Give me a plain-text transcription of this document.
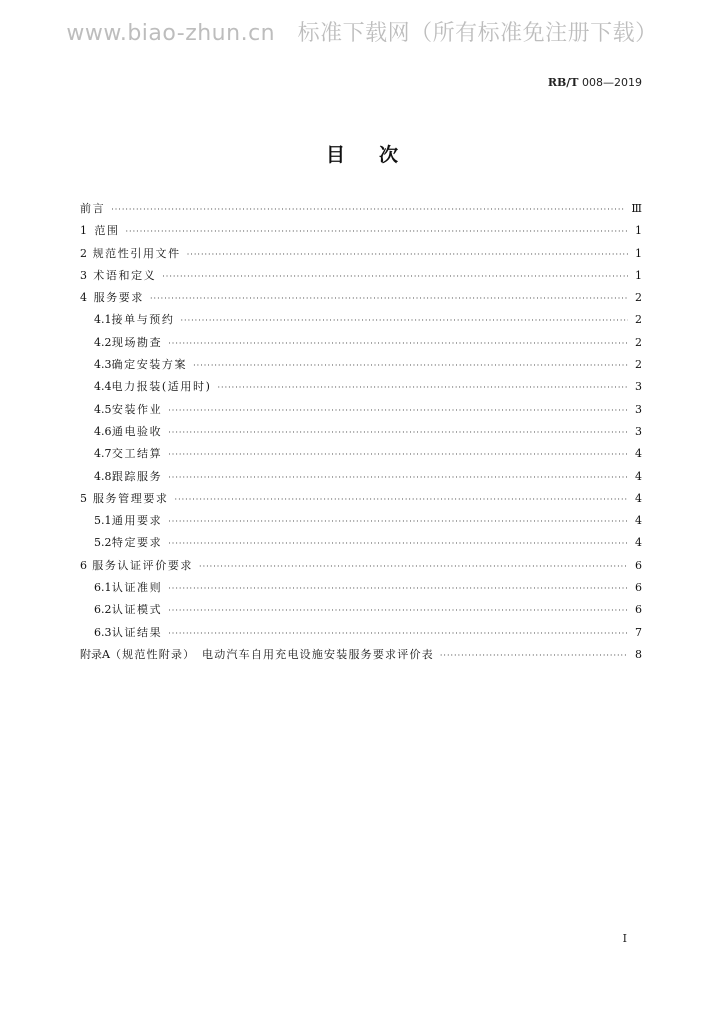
www.biao-zhun.cn　标准下载网（所有标准免注册下载）
RB/T 008—2019
目次
前言 ·····	Ⅲ
1 范围 ·····	1
2 规范性引用文件 ·····	1
3 术语和定义 ·····	1
4 服务要求 ·····	2
4.1 接单与预约 ·····	2
4.2 现场勘查 ·····	2
4.3 确定安装方案 ·····	2
4.4 电力报装(适用时) ·····	3
4.5 安装作业 ·····	3
4.6 通电验收 ·····	3
4.7 交工结算 ·····	4
4.8 跟踪服务 ·····	4
5 服务管理要求 ·····	4
5.1 通用要求 ·····	4
5.2 特定要求 ·····	4
6 服务认证评价要求 ·····	6
6.1 认证准则 ·····	6
6.2 认证模式 ·····	6
6.3 认证结果 ·····	7
附录A （规范性附录）　电动汽车自用充电设施安装服务要求评价表 ·····	8
Ⅰ
